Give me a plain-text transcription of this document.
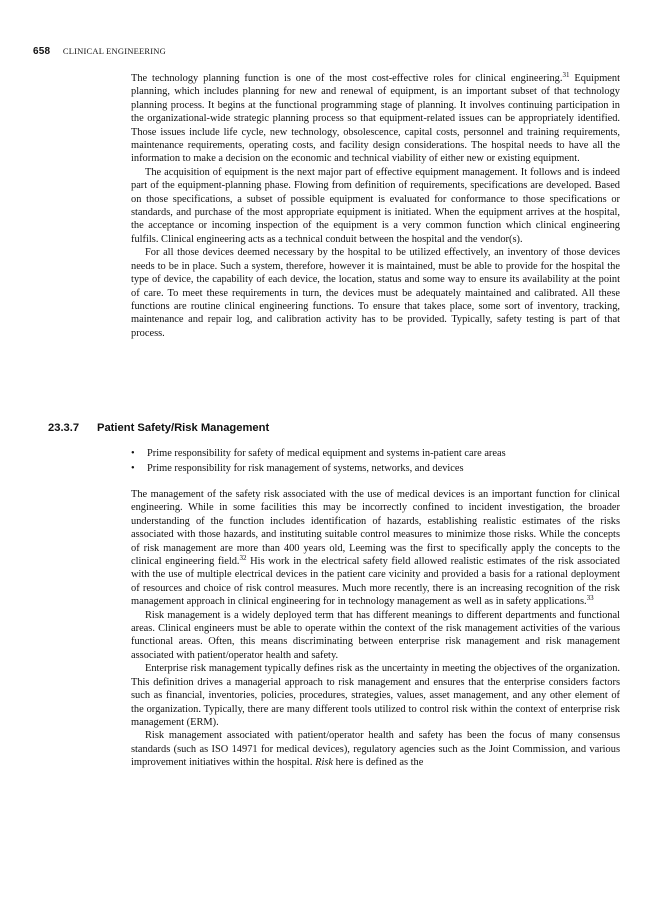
658 CLINICAL ENGINEERING

The technology planning function is one of the most cost-effective roles for clinical engineering.$^{31}$ Equipment planning, which includes planning for new and renewal of equipment, is an important subset of that technology planning process. It begins at the functional programming stage of planning. It involves continuing participation in the organizational-wide strategic planning process so that equipment-related issues can be appropriately identified. Those issues include life cycle, new technology, obsolescence, capital costs, personnel and training requirements, maintenance requirements, operating costs, and facility design considerations. The hospital needs to have all the information to make a decision on the economic and technical viability of either new or existing equipment.

The acquisition of equipment is the next major part of effective equipment management. It follows and is indeed part of the equipment-planning phase. Flowing from definition of requirements, specifications are developed. Based on those specifications, a subset of possible equipment is evaluated for conformance to those specifications or standards, and purchase of the most appropriate equipment is initiated. When the equipment arrives at the hospital, the acceptance or incoming inspection of the equipment is a very common function which clinical engineering fulfils. Clinical engineering acts as a technical conduit between the hospital and the vendor(s).

For all those devices deemed necessary by the hospital to be utilized effectively, an inventory of those devices needs to be in place. Such a system, therefore, however it is maintained, must be able to provide for the hospital the type of device, the capability of each device, the location, status and some way to ensure its availability at the point of care. To meet these requirements in turn, the devices must be adequately maintained and calibrated. All these functions are routine clinical engineering functions. To ensure that takes place, some sort of inventory, tracking, maintenance and repair log, and calibration activity has to be provided. Typically, safety testing is part of that process.

23.3.7 Patient Safety/Risk Management
• Prime responsibility for safety of medical equipment and systems in-patient care areas
• Prime responsibility for risk management of systems, networks, and devices

The management of the safety risk associated with the use of medical devices is an important function for clinical engineering. While in some facilities this may be incorrectly confined to incident investigation, the broader understanding of the function includes identification of hazards, establishing realistic estimates of the risks associated with those hazards, and instituting suitable control measures to minimize those risks. While the concepts of risk management are more than 400 years old, Leeming was the first to specifically apply the concepts to the clinical engineering field.$^{32}$ His work in the electrical safety field allowed realistic estimates of the risk associated with the use of multiple electrical devices in the patient care vicinity and provided a basis for a rational deployment of resources and choice of risk control measures. Much more recently, there is an increasing recognition of the risk management approach in clinical engineering for in technology management as well as in safety applications.$^{33}$

Risk management is a widely deployed term that has different meanings to different departments and functional areas. Clinical engineers must be able to operate within the context of the risk management activities of the various functional areas. Often, this means discriminating between enterprise risk management and risk management associated with patient/operator health and safety.

Enterprise risk management typically defines risk as the uncertainty in meeting the objectives of the organization. This definition drives a managerial approach to risk management and ensures that the enterprise considers factors such as financial, inventories, policies, procedures, strategies, values, asset management, and any other element of the organization. Typically, there are many different tools utilized to control risk within the context of enterprise risk management (ERM).

Risk management associated with patient/operator health and safety has been the focus of many consensus standards (such as ISO 14971 for medical devices), regulatory agencies such as the Joint Commission, and various improvement initiatives within the hospital. Risk here is defined as the
